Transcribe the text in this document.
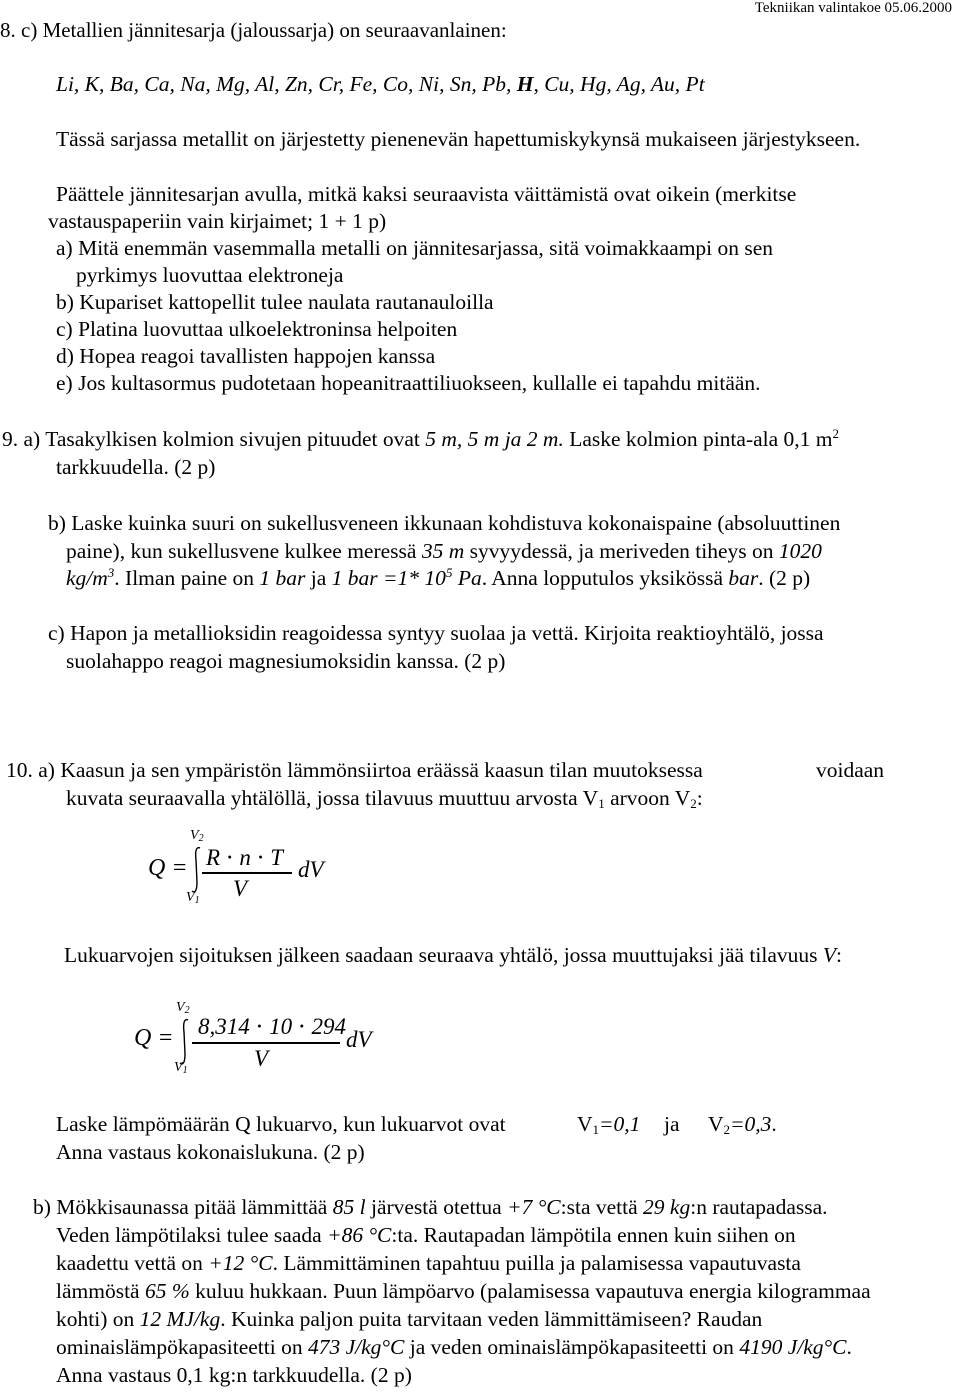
Tekniikan valintakoe 05.06.2000
8. c) Metallien jännitesarja (jaloussarja) on seuraavanlainen:
Li, K, Ba, Ca, Na, Mg, Al, Zn, Cr, Fe, Co, Ni, Sn, Pb, H, Cu, Hg, Ag, Au, Pt
Tässä sarjassa metallit on järjestetty pienenevän hapettumiskykynsä mukaiseen järjestykseen.
Päättele jännitesarjan avulla, mitkä kaksi seuraavista väittämistä ovat oikein (merkitse
vastauspaperiin vain kirjaimet; 1 + 1 p)
a) Mitä enemmän vasemmalla metalli on jännitesarjassa, sitä voimakkaampi on sen
pyrkimys luovuttaa elektroneja
b) Kupariset kattopellit tulee naulata rautanauloilla
c) Platina luovuttaa ulkoelektroninsa helpoiten
d) Hopea reagoi tavallisten happojen kanssa
e) Jos kultasormus pudotetaan hopeanitraattiliuokseen, kullalle ei tapahdu mitään.
9. a) Tasakylkisen kolmion sivujen pituudet ovat 5 m, 5 m ja 2 m. Laske kolmion pinta-ala 0,1 $m^2$
tarkkuudella. (2 p)
b) Laske kuinka suuri on sukellusveneen ikkunaan kohdistuva kokonaispaine (absoluuttinen
paine), kun sukellusvene kulkee meressä 35 m syvyydessä, ja meriveden tiheys on 1020
$kg/m^3$. Ilman paine on 1 bar ja 1 bar =1* $10^5$ Pa. Anna lopputulos yksikössä bar. (2 p)
c) Hapon ja metallioksidin reagoidessa syntyy suolaa ja vettä. Kirjoita reaktioyhtälö, jossa
suolahappo reagoi magnesiumoksidin kanssa. (2 p)
10. a) Kaasun ja sen ympäristön lämmönsiirtoa eräässä kaasun tilan muutoksessa	voidaan
kuvata seuraavalla yhtälöllä, jossa tilavuus muuttuu arvosta $V_1$ arvoon $V_2$:
Q =
$V_2$
$V_1$
R ⋅ n ⋅ T
V
dV
Lukuarvojen sijoituksen jälkeen saadaan seuraava yhtälö, jossa muuttujaksi jää tilavuus V:
Q =
$V_2$
$V_1$
8,314 ⋅ 10 ⋅ 294
V
dV
Laske lämpömäärän Q lukuarvo, kun lukuarvot ovat	$V_1=0,1$ ja $V_2=0,3$.
Anna vastaus kokonaislukuna. (2 p)
b) Mökkisaunassa pitää lämmittää 85 l järvestä otettua +7 °C:sta vettä 29 kg:n rautapadassa.
Veden lämpötilaksi tulee saada +86 °C:ta. Rautapadan lämpötila ennen kuin siihen on
kaadettu vettä on +12 °C. Lämmittäminen tapahtuu puilla ja palamisessa vapautuvasta
lämmöstä 65 % kuluu hukkaan. Puun lämpöarvo (palamisessa vapautuva energia kilogrammaa
kohti) on 12 MJ/kg. Kuinka paljon puita tarvitaan veden lämmittämiseen? Raudan
ominaislämpökapasiteetti on 473 J/kg°C ja veden ominaislämpökapasiteetti on 4190 J/kg°C.
Anna vastaus 0,1 kg:n tarkkuudella. (2 p)
